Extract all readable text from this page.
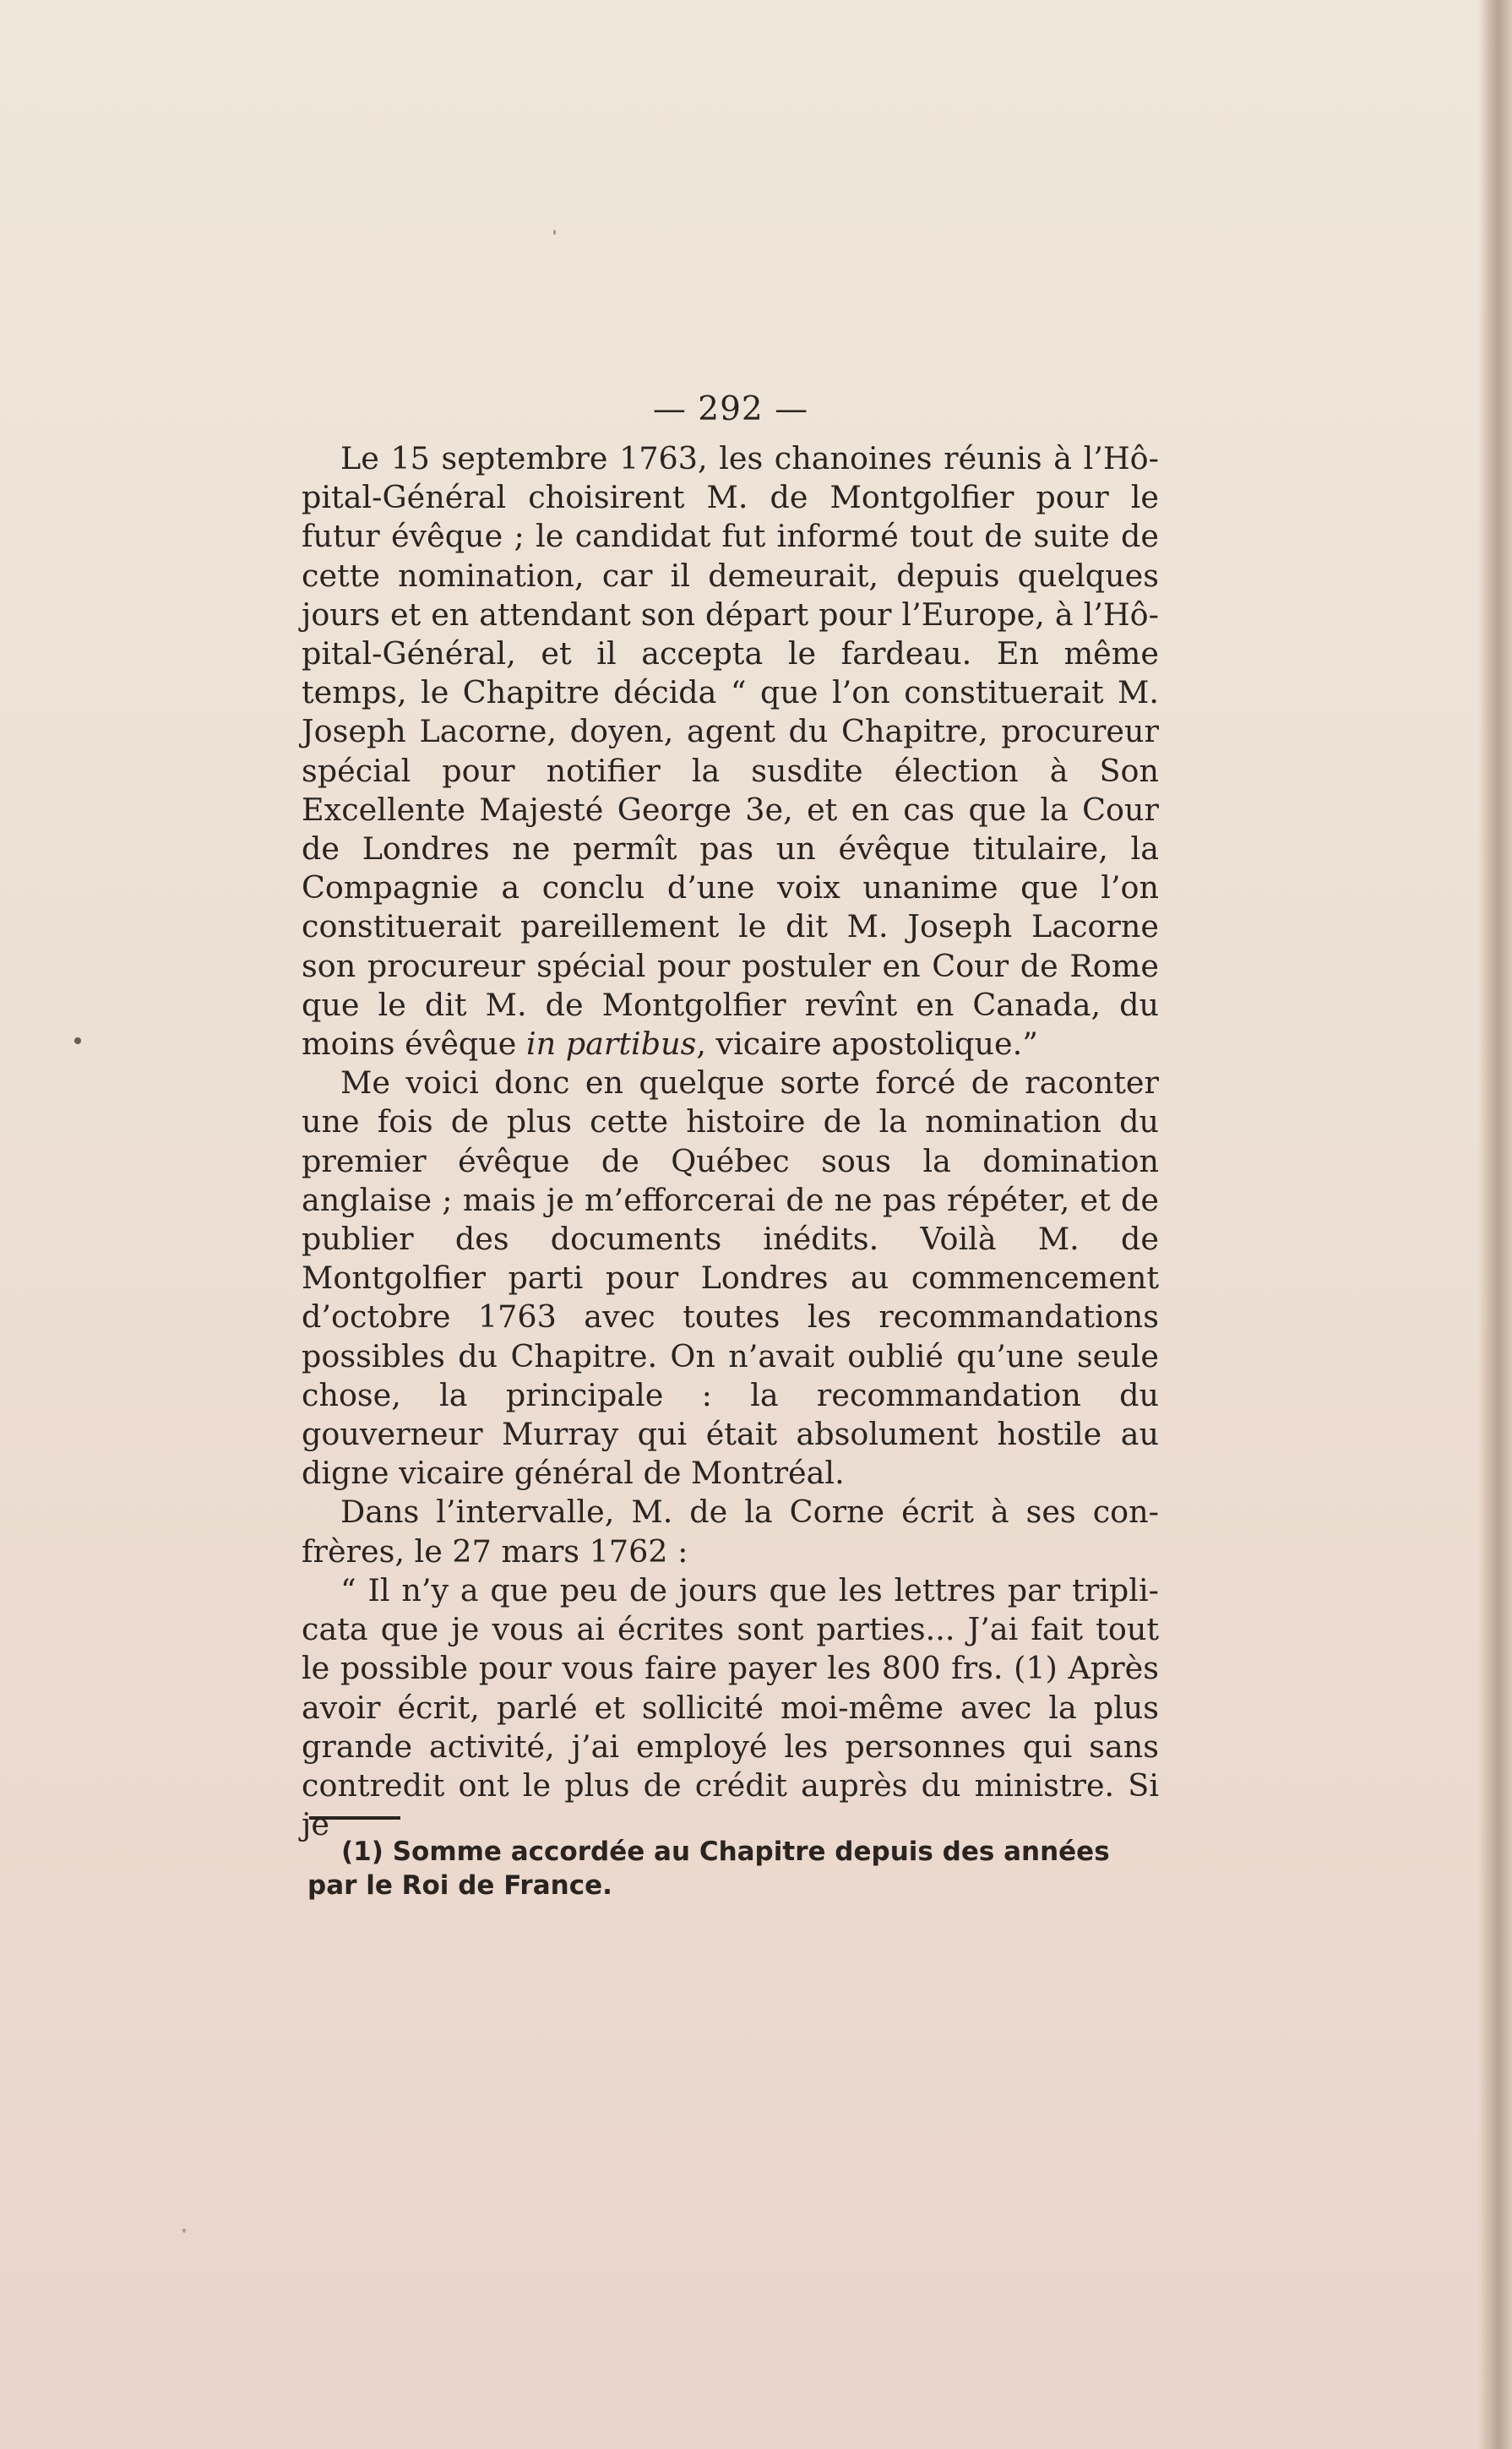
— 292 —

Le 15 septembre 1763, les chanoines réunis à l’Hôpital-Général choisirent M. de Montgolfier pour le futur évêque ; le candidat fut informé tout de suite de cette nomination, car il demeurait, depuis quelques jours et en attendant son départ pour l’Europe, à l’Hôpital-Général, et il accepta le fardeau. En même temps, le Chapitre décida “ que l’on constituerait M. Joseph Lacorne, doyen, agent du Chapitre, procureur spécial pour notifier la susdite élection à Son Excellente Majesté George 3e, et en cas que la Cour de Londres ne permît pas un évêque titulaire, la Compagnie a conclu d’une voix unanime que l’on constituerait pareillement le dit M. Joseph Lacorne son procureur spécial pour postuler en Cour de Rome que le dit M. de Montgolfier revînt en Canada, du moins évêque in partibus, vicaire apostolique.”

Me voici donc en quelque sorte forcé de raconter une fois de plus cette histoire de la nomination du premier évêque de Québec sous la domination anglaise ; mais je m’efforcerai de ne pas répéter, et de publier des documents inédits. Voilà M. de Montgolfier parti pour Londres au commencement d’octobre 1763 avec toutes les recommandations possibles du Chapitre. On n’avait oublié qu’une seule chose, la principale : la recommandation du gouverneur Murray qui était absolument hostile au digne vicaire général de Montréal.

Dans l’intervalle, M. de la Corne écrit à ses confrères, le 27 mars 1762 :

“ Il n’y a que peu de jours que les lettres par triplicata que je vous ai écrites sont parties... J’ai fait tout le possible pour vous faire payer les 800 frs. (1) Après avoir écrit, parlé et sollicité moi-même avec la plus grande activité, j’ai employé les personnes qui sans contredit ont le plus de crédit auprès du ministre. Si je

(1) Somme accordée au Chapitre depuis des années par le Roi de France.
